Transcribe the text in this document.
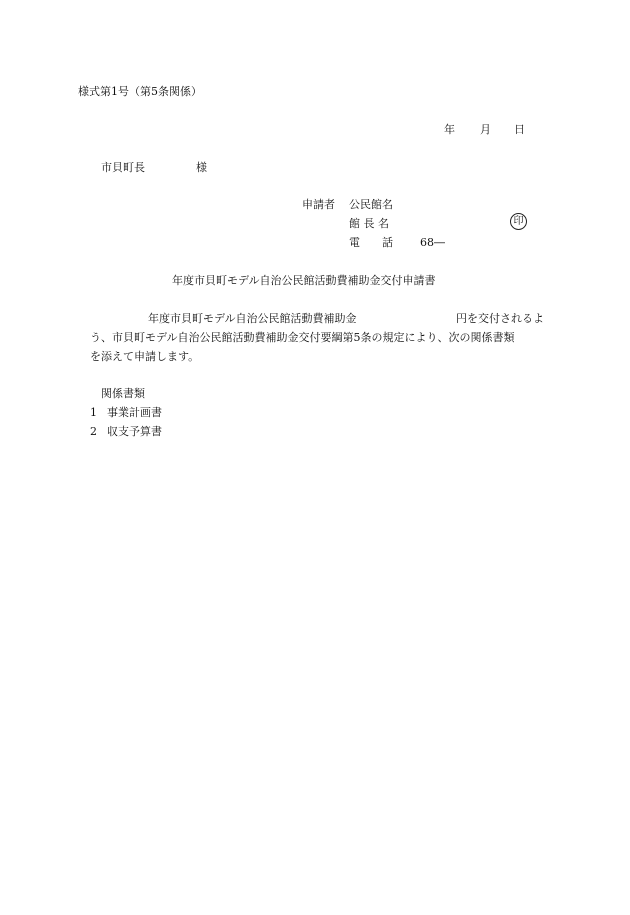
様式第1号（第5条関係）
年 月 日
市貝町長	様
申請者 公民館名
館 長 名	印
電　　話 68―
年度市貝町モデル自治公民館活動費補助金交付申請書
年度市貝町モデル自治公民館活動費補助金	円を交付されるよ
う、市貝町モデル自治公民館活動費補助金交付要綱第5条の規定により、次の関係書類
を添えて申請します。
関係書類
1 事業計画書
2 収支予算書
